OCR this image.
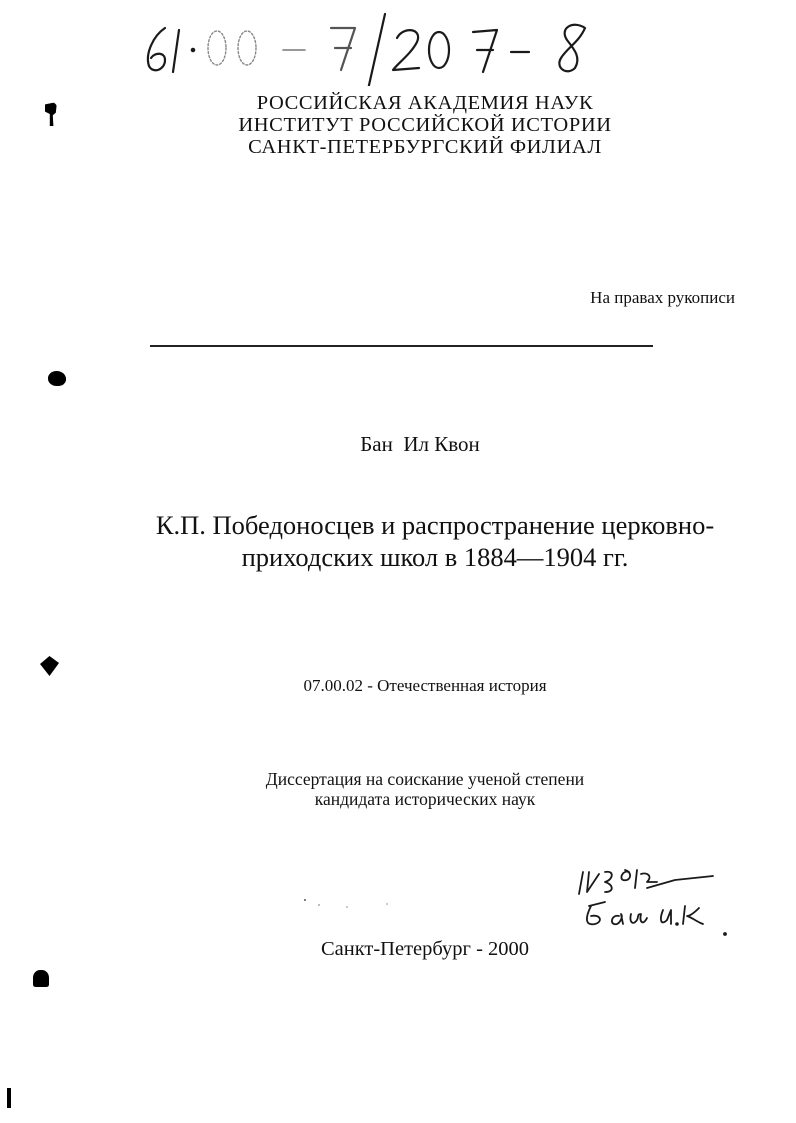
РОССИЙСКАЯ АКАДЕМИЯ НАУК
ИНСТИТУТ РОССИЙСКОЙ ИСТОРИИ
САНКТ-ПЕТЕРБУРГСКИЙ ФИЛИАЛ
На правах рукописи
Бан  Ил Квон
К.П. Победоносцев и распространение церковно-
приходских школ в 1884—1904 гг.
07.00.02 - Отечественная история
Диссертация на соискание ученой степени
кандидата исторических наук
Санкт-Петербург - 2000
